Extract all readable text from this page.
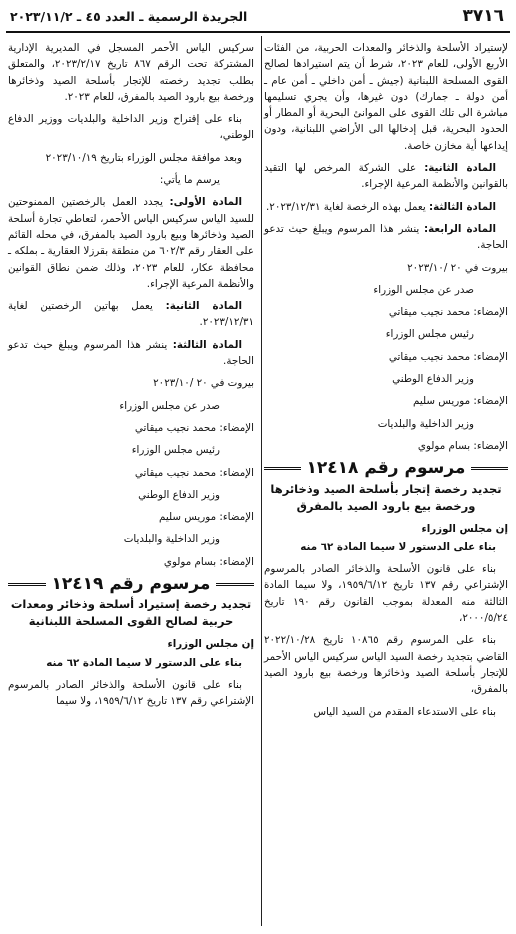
٣٧١٦
الجريدة الرسمية ـ العدد ٤٥ ـ ٢٠٢٣/١١/٢

لإستيراد الأسلحة والذخائر والمعدات الحربية، من الفئات الأربع الأولى، للعام ٢٠٢٣، شرط أن يتم استيرادها لصالح القوى المسلحة اللبنانية (جيش ـ أمن داخلي ـ أمن عام ـ أمن دولة ـ جمارك) دون غيرها، وأن يجري تسليمها مباشرة الى تلك القوى على الموانئ البحرية أو المطار أو الحدود البحرية، قبل إدخالها الى الأراضي اللبنانية، ودون إيداعها أية مخازن خاصة.

المادة الثانية: على الشركة المرخص لها التقيد بالقوانين والأنظمة المرعية الإجراء.

المادة الثالثة: يعمل بهذه الرخصة لغاية ٢٠٢٣/١٢/٣١.

المادة الرابعة: ينشر هذا المرسوم ويبلغ حيث تدعو الحاجة.

بيروت في ٢٠ /٢٠٢٣/١٠

صدر عن مجلس الوزراء

الإمضاء: محمد نجيب ميقاتي

رئيس مجلس الوزراء

الإمضاء: محمد نجيب ميقاتي

وزير الدفاع الوطني

الإمضاء: موريس سليم

وزير الداخلية والبلديات

الإمضاء: بسام مولوي

مرسوم رقم ١٢٤١٨
تجديد رخصة إتجار بأسلحة الصيد وذخائرها ورخصة بيع بارود الصيد بالمفرق

إن مجلس الوزراء

بناء على الدستور لا سيما المادة ٦٢ منه

بناء على قانون الأسلحة والذخائر الصادر بالمرسوم الإشتراعي رقم ١٣٧ تاريخ ١٩٥٩/٦/١٢، ولا سيما المادة الثالثة منه المعدلة بموجب القانون رقم ١٩٠ تاريخ ٢٠٠٠/٥/٢٤،

بناء على المرسوم رقم ١٠٨٦٥ تاريخ ٢٠٢٢/١٠/٢٨ القاضي بتجديد رخصة السيد الياس سركيس الياس الأحمر للإتجار بأسلحة الصيد وذخائرها ورخصة بيع بارود الصيد بالمفرق،

بناء على الاستدعاء المقدم من السيد الياس

سركيس الياس الأحمر المسجل في المديرية الإدارية المشتركة تحت الرقم ٨٦٧ تاريخ ٢٠٢٣/٢/١٧، والمتعلق بطلب تجديد رخصته للإتجار بأسلحة الصيد وذخائرها ورخصة بيع بارود الصيد بالمفرق، للعام ٢٠٢٣.

بناء على إقتراح وزير الداخلية والبلديات ووزير الدفاع الوطني،

وبعد موافقة مجلس الوزراء بتاريخ ٢٠٢٣/١٠/١٩

يرسم ما يأتي:

المادة الأولى: يجدد العمل بالرخصتين الممنوحتين للسيد الياس سركيس الياس الأحمر، لتعاطي تجارة أسلحة الصيد وذخائرها وبيع بارود الصيد بالمفرق، في محله القائم على العقار رقم ٦٠٢/٣ من منطقة بقرزلا العقارية ـ بملكه ـ محافظة عكار، للعام ٢٠٢٣، وذلك ضمن نطاق القوانين والأنظمة المرعية الإجراء.

المادة الثانية: يعمل بهاتين الرخصتين لغاية ٢٠٢٣/١٢/٣١.

المادة الثالثة: ينشر هذا المرسوم ويبلغ حيث تدعو الحاجة.

بيروت في ٢٠ /٢٠٢٣/١٠

صدر عن مجلس الوزراء

الإمضاء: محمد نجيب ميقاتي

رئيس مجلس الوزراء

الإمضاء: محمد نجيب ميقاتي

وزير الدفاع الوطني

الإمضاء: موريس سليم

وزير الداخلية والبلديات

الإمضاء: بسام مولوي

مرسوم رقم ١٢٤١٩
تجديد رخصة إستيراد أسلحة وذخائر ومعدات حربية لصالح القوى المسلحة اللبنانية

إن مجلس الوزراء

بناء على الدستور لا سيما المادة ٦٢ منه

بناء على قانون الأسلحة والذخائر الصادر بالمرسوم الإشتراعي رقم ١٣٧ تاريخ ١٩٥٩/٦/١٢، ولا سيما
